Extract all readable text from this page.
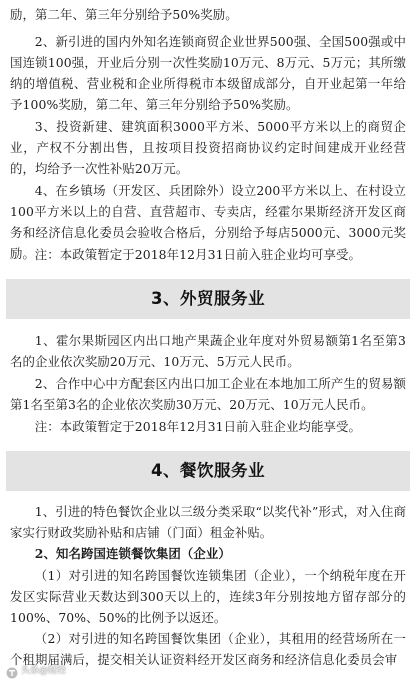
励，第二年、第三年分别给予50%奖励。

2、新引进的国内外知名连锁商贸企业世界500强、全国500强或中国连锁100强，开业后分别一次性奖励10万元、8万元、5万元；其所缴纳的增值税、营业税和企业所得税市本级留成部分，自开业起第一年给予100%奖励，第二年、第三年分别给予50%奖励。

3、投资新建、建筑面积3000平方米、5000平方米以上的商贸企业，产权不分割出售，且按项目投资招商协议约定时间建成开业经营的，均给予一次性补贴20万元。

4、在乡镇场（开发区、兵团除外）设立200平方米以上、在村设立100平方米以上的自营、直营超市、专卖店，经霍尔果斯经济开发区商务和经济信息化委员会验收合格后，分别给予每店5000元、3000元奖励。 注：本政策暂定于2018年12月31日前入驻企业均可享受。

3、外贸服务业

1、霍尔果斯园区内出口地产果蔬企业年度对外贸易额第1名至第3名的企业依次奖励20万元、10万元、5万元人民币。

2、合作中心中方配套区内出口加工企业在本地加工所产生的贸易额第1名至第3名的企业依次奖励30万元、20万元、10万元人民币。

注：本政策暂定于2018年12月31日前入驻企业均能享受。

4、餐饮服务业

1、引进的特色餐饮企业以三级分类采取“以奖代补”形式，对入住商家实行财政奖励补贴和店铺（门面）租金补贴。

2、知名跨国连锁餐饮集团（企业）

（1）对引进的知名跨国餐饮连锁集团（企业），一个纳税年度在开发区实际营业天数达到300天以上的，连续3年分别按地方留存部分的100%、70%、50%的比例予以返还。

（2）对引进的知名跨国餐饮集团（企业），其租用的经营场所在一个租期届满后，提交相关认证资料经开发区商务和经济信息化委员会审

头条@财经
